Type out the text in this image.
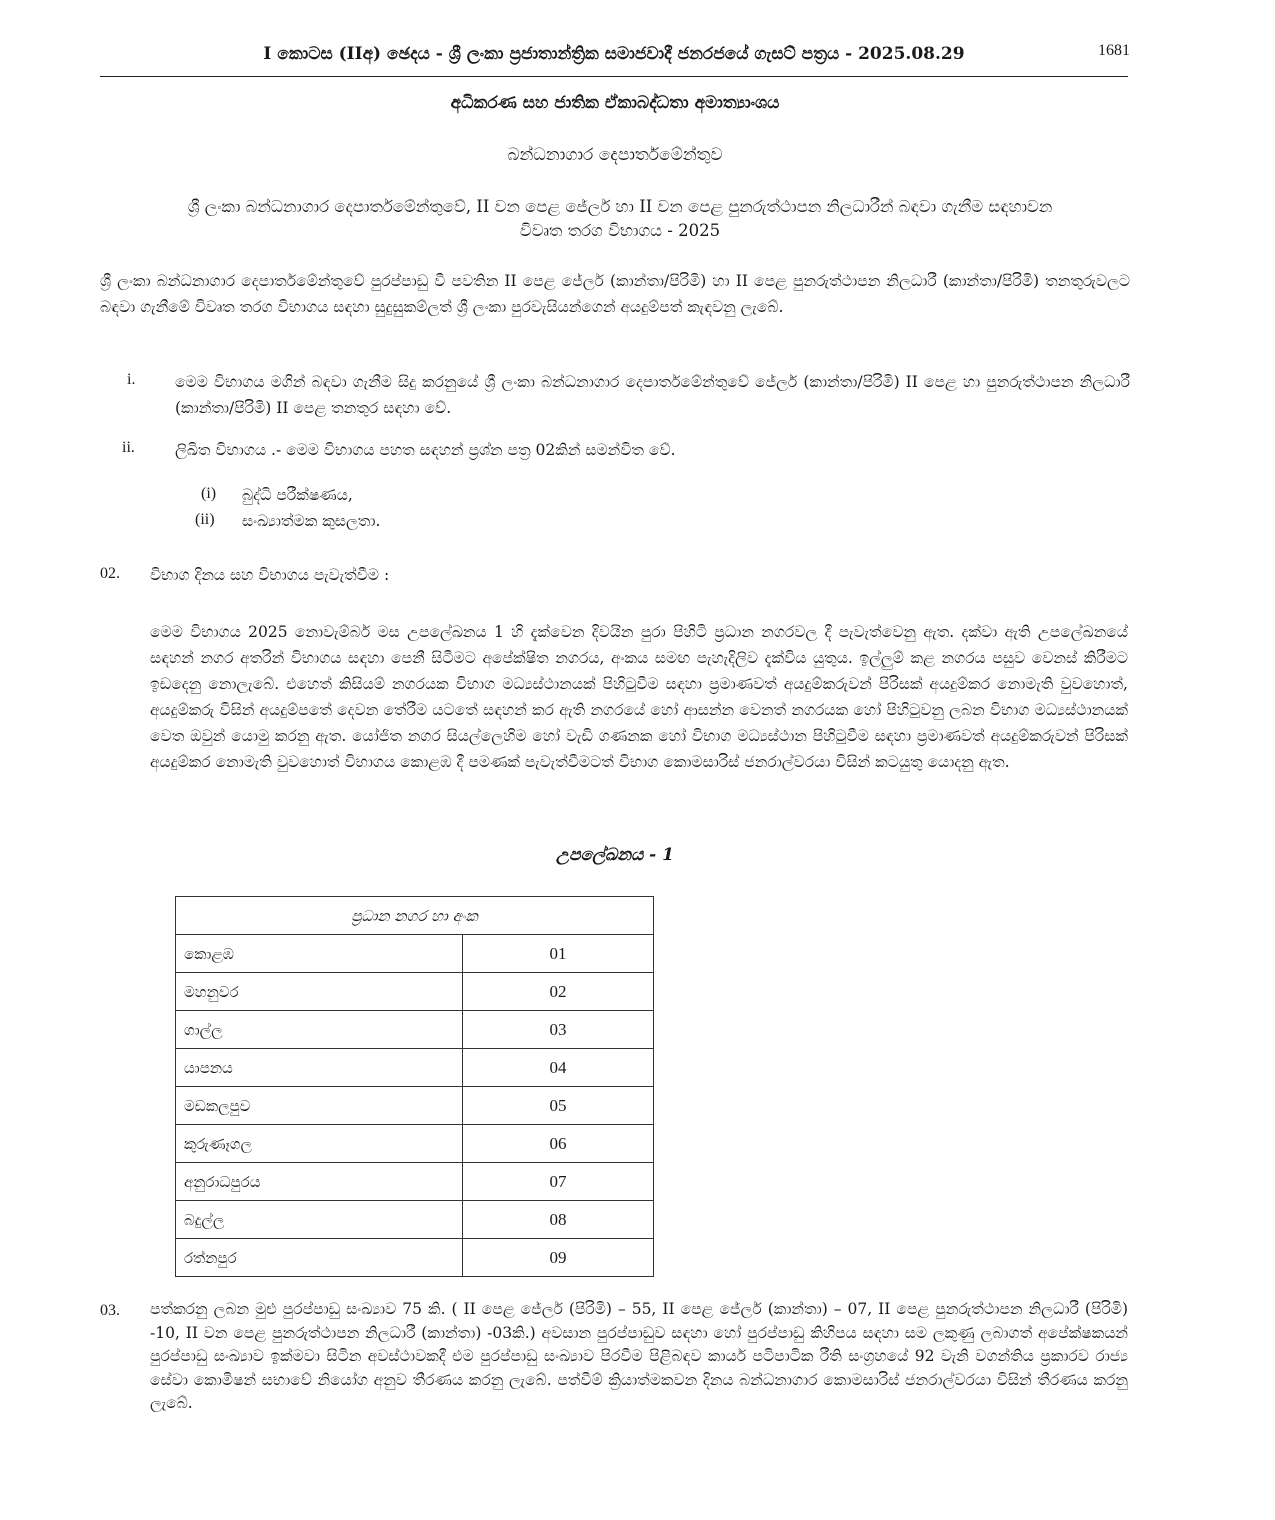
I කොටස (IIඅ) ඡෙදය - ශ්‍රී ලංකා ප්‍රජාතාන්ත්‍රික සමාජවාදී ජනරජයේ ගැසට් පත්‍රය - 2025.08.29	1681
අධිකරණ සහ ජාතික ඒකාබද්ධතා අමාත්‍යාංශය
බන්ධනාගාර දෙපාර්තමේන්තුව
ශ්‍රී ලංකා බන්ධනාගාර දෙපාර්තමේන්තුවේ, II වන පෙළ ජේලර් හා II වන පෙළ පුනරුත්ථාපන නිලධාරීන් බඳවා ගැනීම සඳහාවන
විවෘත තරග විභාගය - 2025
ශ්‍රී ලංකා බන්ධනාගාර දෙපාර්තමේන්තුවේ පුරප්පාඩු වී පවතින II පෙළ ජේලර් (කාන්තා/පිරිමි) හා II පෙළ පුනරුත්ථාපන නිලධාරී (කාන්තා/පිරිමි) තනතුරුවලට බඳවා ගැනීමේ විවෘත තරග විභාගය සඳහා සුදුසුකම්ලත් ශ්‍රී ලංකා පුරවැසියන්ගෙන් අයදුම්පත් කැඳවනු ලැබේ.
i.	මෙම විභාගය මගින් බඳවා ගැනීම සිදු කරනුයේ ශ්‍රී ලංකා බන්ධනාගාර දෙපාර්තමේන්තුවේ ජේලර් (කාන්තා/පිරිමි) II පෙළ හා පුනරුත්ථාපන නිලධාරී (කාන්තා/පිරිමි) II පෙළ තනතුර සඳහා වේ.
ii.	ලිඛිත විභාගය .- මෙම විභාගය පහත සඳහන් ප්‍රශ්න පත්‍ර 02කින් සමන්විත වේ.
(i) බුද්ධි පරීක්ෂණය,
(ii) සංඛ්‍යාත්මක කුසලතා.
02. විභාග දිනය සහ විභාගය පැවැත්වීම :
මෙම විභාගය 2025 නොවැම්බර් මස උපලේඛනය 1 හි දැක්වෙන දිවයින පුරා පිහිටි ප්‍රධාන නගරවල දී පැවැත්වෙනු ඇත. දක්වා ඇති උපලේඛනයේ සඳහන් නගර අතරින් විභාගය සඳහා පෙනී සිටීමට අපේක්ෂිත නගරය, අංකය සමඟ පැහැදිලිව දැක්විය යුතුය. ඉල්ලුම් කළ නගරය පසුව වෙනස් කිරීමට ඉඩදෙනු නොලැබේ. එහෙත් කිසියම් නගරයක විභාග මධ්‍යස්ථානයක් පිහිටුවීම සඳහා ප්‍රමාණවත් අයදුම්කරුවන් පිරිසක් අයදුම්කර නොමැති වුවහොත්, අයදුම්කරු විසින් අයදුම්පතේ දෙවන තේරීම යටතේ සඳහන් කර ඇති නගරයේ හෝ ආසන්න වෙනත් නගරයක හෝ පිහිටුවනු ලබන විභාග මධ්‍යස්ථානයක් වෙත ඔවුන් යොමු කරනු ඇත. යෝජිත නගර සියල්ලෙහිම හෝ වැඩි ගණනක හෝ විභාග මධ්‍යස්ථාන පිහිටුවීම සඳහා ප්‍රමාණවත් අයදුම්කරුවන් පිරිසක් අයදුම්කර නොමැති වුවහොත් විභාගය කොළඹ දී පමණක් පැවැත්වීමටත් විභාග කොමසාරිස් ජනරාල්වරයා විසින් කටයුතු යොදනු ඇත.
උපලේඛනය - 1
ප්‍රධාන නගර හා අංක	
කොළඹ	01
මහනුවර	02
ගාල්ල	03
යාපනය	04
මඩකලපුව	05
කුරුණෑගල	06
අනුරාධපුරය	07
බදුල්ල	08
රත්නපුර	09
03. පත්කරනු ලබන මුළු පුරප්පාඩු සංඛ්‍යාව 75 කි. ( II පෙළ ජේලර් (පිරිමි) – 55, II පෙළ ජේලර් (කාන්තා) – 07, II පෙළ පුනරුත්ථාපන නිලධාරී (පිරිමි) -10, II වන පෙළ පුනරුත්ථාපන නිලධාරී (කාන්තා) -03කි.) අවසාන පුරප්පාඩුව සඳහා හෝ පුරප්පාඩු කිහිපය සඳහා සම ලකුණු ලබාගත් අපේක්ෂකයන් පුරප්පාඩු සංඛ්‍යාව ඉක්මවා සිටින අවස්ථාවකදී එම පුරප්පාඩු සංඛ්‍යාව පිරවීම පිළිබඳව කාර්ය පටිපාටික රීති සංග්‍රහයේ 92 වැනි වගන්තිය ප්‍රකාරව රාජ්‍ය සේවා කොමිෂන් සභාවේ නියෝග අනුව තීරණය කරනු ලැබේ. පත්වීම් ක්‍රියාත්මකවන දිනය බන්ධනාගාර කොමසාරිස් ජනරාල්වරයා විසින් තීරණය කරනු ලැබේ.
